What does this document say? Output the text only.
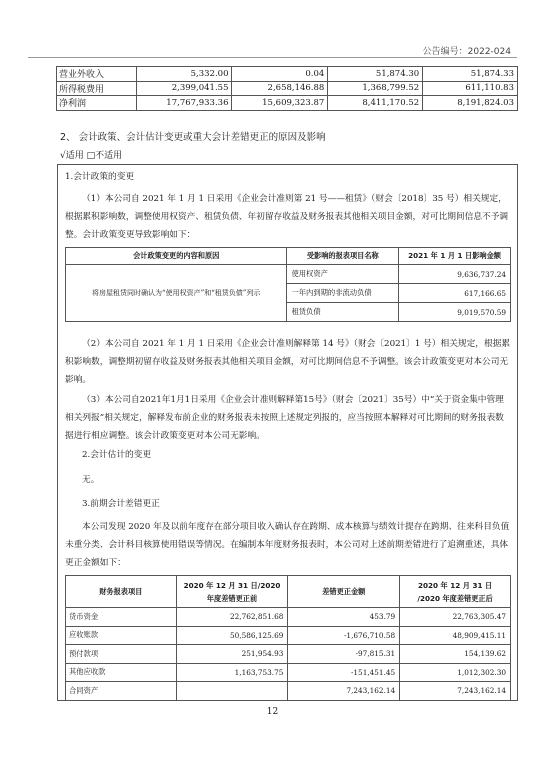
公告编号：2022-024
营业外收入	5,332.00	0.04	51,874.30	51,874.33
所得税费用	2,399,041.55	2,658,146.88	1,368,799.52	611,110.83
净利润	17,767,933.36	15,609,323.87	8,411,170.52	8,191,824.03
2、 会计政策、会计估计变更或重大会计差错更正的原因及影响
√适用 □不适用
1.会计政策的变更
（1）本公司自 2021 年 1 月 1 日采用《企业会计准则第 21 号——租赁》（财会〔2018〕35 号）相关规定，根据累积影响数，调整使用权资产、租赁负债、年初留存收益及财务报表其他相关项目金额，对可比期间信息不予调整。会计政策变更导致影响如下：
会计政策变更的内容和原因	受影响的报表项目名称	2021 年 1 月 1 日影响金额
将房屋租赁同时确认为“使用权资产”和“租赁负债”列示	使用权资产	9,636,737.24
	一年内到期的非流动负债	617,166.65
	租赁负债	9,019,570.59
（2）本公司自 2021 年 1 月 1 日采用《企业会计准则解释第 14 号》（财会〔2021〕1 号）相关规定，根据累积影响数，调整期初留存收益及财务报表其他相关项目金额，对可比期间信息不予调整。该会计政策变更对本公司无影响。
（3）本公司自2021年1月1日采用《企业会计准则解释第15号》（财会〔2021〕35号）中“关于资金集中管理相关列报”相关规定，解释发布前企业的财务报表未按照上述规定列报的，应当按照本解释对可比期间的财务报表数据进行相应调整。该会计政策变更对本公司无影响。
2.会计估计的变更
无。
3.前期会计差错更正
本公司发现 2020 年及以前年度存在部分项目收入确认存在跨期、成本核算与绩效计提存在跨期、往来科目负值未重分类、会计科目核算使用错误等情况。在编制本年度财务报表时，本公司对上述前期差错进行了追溯重述，具体更正金额如下：
财务报表项目	2020 年 12 月 31 日/2020
年度差错更正前	差错更正金额	2020 年 12 月 31 日
/2020 年度差错更正后
货币资金	22,762,851.68	453.79	22,763,305.47
应收账款	50,586,125.69	-1,676,710.58	48,909,415.11
预付款项	251,954.93	-97,815.31	154,139.62
其他应收款	1,163,753.75	-151,451.45	1,012,302.30
合同资产		7,243,162.14	7,243,162.14
12
